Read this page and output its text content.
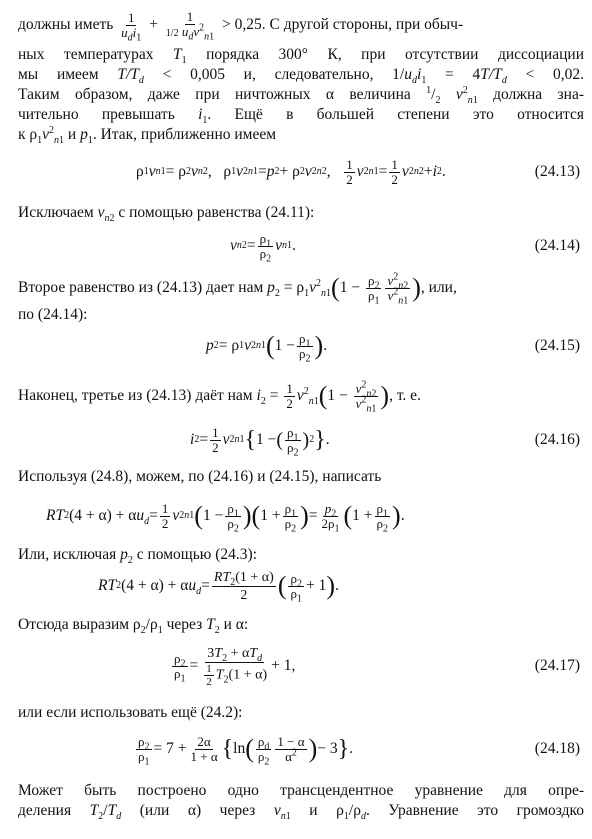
должны иметь $\frac{1}{u_di_1} + \frac{1}{1/2 u_dv^2_{n1}} > 0,25$. С другой стороны, при обыч-
ных температурах $T_1$ порядка 300° К, при отсутствии диссоциации
мы имеем $T/T_d < 0,005$ и, следовательно, $1/u_di_1 = 4T/T_d < 0,02$.
Таким образом, даже при ничтожных α величина $^1/_2$ $v^2_{n1}$ должна зна-
чительно превышать $i_1$. Ещё в большей степени это относится
к $\rho_1v^2_{n1}$ и $p_1$. Итак, приближенно имеем
ρ 1 v n1 = ρ 2 v n2 ,   ρ 1 v 2 n1 = p 2 + ρ 2 v 2 n2 , $\frac{1}{2}$ v 2 $n1 = \frac{1}{2}$ v 2 n2 + i 2 .	(24.13)
Исключаем $v_{n2}$ с помощью равенства (24.11):
v $n2 = \frac{\rho_1}{\rho_2}$ v n1 .	(24.14)
Второе равенство из (24.13) дает нам $p_2 = \rho_1v^2_{n1}$ ( $1 - \frac{\rho_2}{\rho_1} \frac{v^2_{n2}}{v^2_{n1}}$ ) , или,
по (24.14):
p 2 = ρ 1 v 2 n1 ( $1 - \frac{\rho_1}{\rho_2}$ ) .	(24.15)
Наконец, третье из (24.13) даёт нам $i_2 = \frac{1}{2} v^2_{n1}$ ( $1 - \frac{v^2_{n2}}{v^2_{n1}}$ ) , т. е.
i $2 = \frac{1}{2}$ v 2 n1 { 1 − ( $\frac{\rho_1}{\rho_2}$ ) 2 } .	(24.16)
Используя (24.8), можем, по (24.16) и (24.15), написать
RT 2 (4 + α) + α $u_d = \frac{1}{2}$ v 2 n1 ( $1 - \frac{\rho_1}{\rho_2}$ ) ( $1 + \frac{\rho_1}{\rho_2}$ ) = $\frac{p_2}{2\rho_1}$ ( $1 + \frac{\rho_1}{\rho_2}$ ) .
Или, исключая $p_2$ с помощью (24.3):
RT 2 (4 + α) + α $u_d = \frac{RT_2(1 + \alpha)}{2}$ ( $\frac{\rho_2}{\rho_1} + 1$ ) .
Отсюда выразим $\rho_2/\rho_1$ через $T_2$ и α:
$\frac{\rho_2}{\rho_1} = \frac{3T_2 + \alpha T_d}{\frac{1}{2} T_2(1 + \alpha)} + 1$,	(24.17)
или если использовать ещё (24.2):
$\frac{\rho_2}{\rho_1} = 7 + \frac{2\alpha}{1 + \alpha}$ { ln ( $\frac{\rho_d}{\rho_2} \frac{1 - \alpha}{\alpha^2}$ ) − 3 } .	(24.18)
Может быть построено одно трансцендентное уравнение для опре-
деления $T_2/T_d$ (или α) через $v_{n1}$ и $\rho_1/\rho_d$. Уравнение это громоздко
